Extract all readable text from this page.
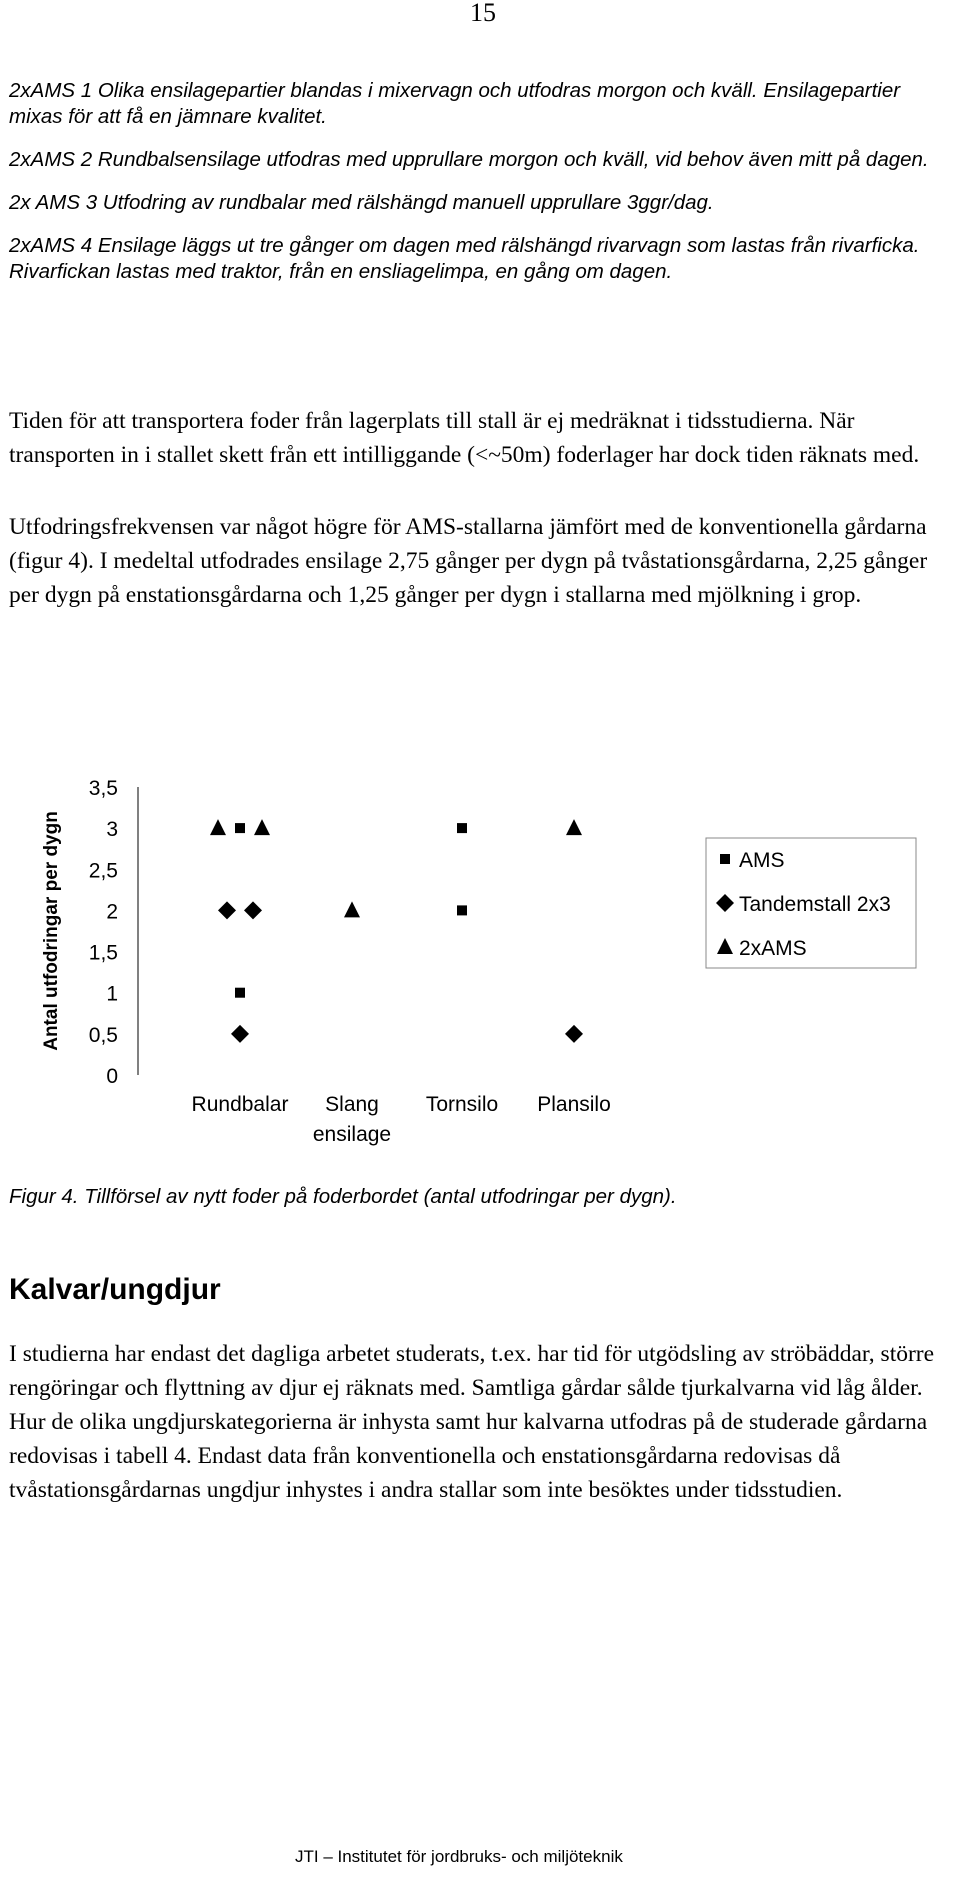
15

2xAMS 1 Olika ensilagepartier blandas i mixervagn och utfodras morgon och kväll. Ensilagepartier mixas för att få en jämnare kvalitet.

2xAMS 2 Rundbalsensilage utfodras med upprullare morgon och kväll, vid behov även mitt på dagen.

2x AMS 3 Utfodring av rundbalar med rälshängd manuell upprullare 3ggr/dag.

2xAMS 4 Ensilage läggs ut tre gånger om dagen med rälshängd rivarvagn som lastas från rivarficka. Rivarfickan lastas med traktor, från en ensliagelimpa, en gång om dagen.

Tiden för att transportera foder från lagerplats till stall är ej medräknat i tidsstudierna. När transporten in i stallet skett från ett intilliggande (<~50m) foderlager har dock tiden räknats med.

Utfodringsfrekvensen var något högre för AMS-stallarna jämfört med de konventionella gårdarna (figur 4). I medeltal utfodrades ensilage 2,75 gånger per dygn på tvåstationsgårdarna, 2,25 gånger per dygn på enstationsgårdarna och 1,25 gånger per dygn i stallarna med mjölkning i grop.

0
0,5
1
1,5
2
2,5
3
3,5
Antal utfodringar per dygn
Rundbalar Slang
ensilage
Tornsilo Plansilo
AMS
Tandemstall 2x3
2xAMS

Figur 4. Tillförsel av nytt foder på foderbordet (antal utfodringar per dygn).

Kalvar/ungdjur

I studierna har endast det dagliga arbetet studerats, t.ex. har tid för utgödsling av ströbäddar, större rengöringar och flyttning av djur ej räknats med. Samtliga gårdar sålde tjurkalvarna vid låg ålder. Hur de olika ungdjurskategorierna är inhysta samt hur kalvarna utfodras på de studerade gårdarna redovisas i tabell 4. Endast data från konventionella och enstationsgårdarna redovisas då tvåstationsgårdarnas ungdjur inhystes i andra stallar som inte besöktes under tidsstudien.

JTI – Institutet för jordbruks- och miljöteknik
